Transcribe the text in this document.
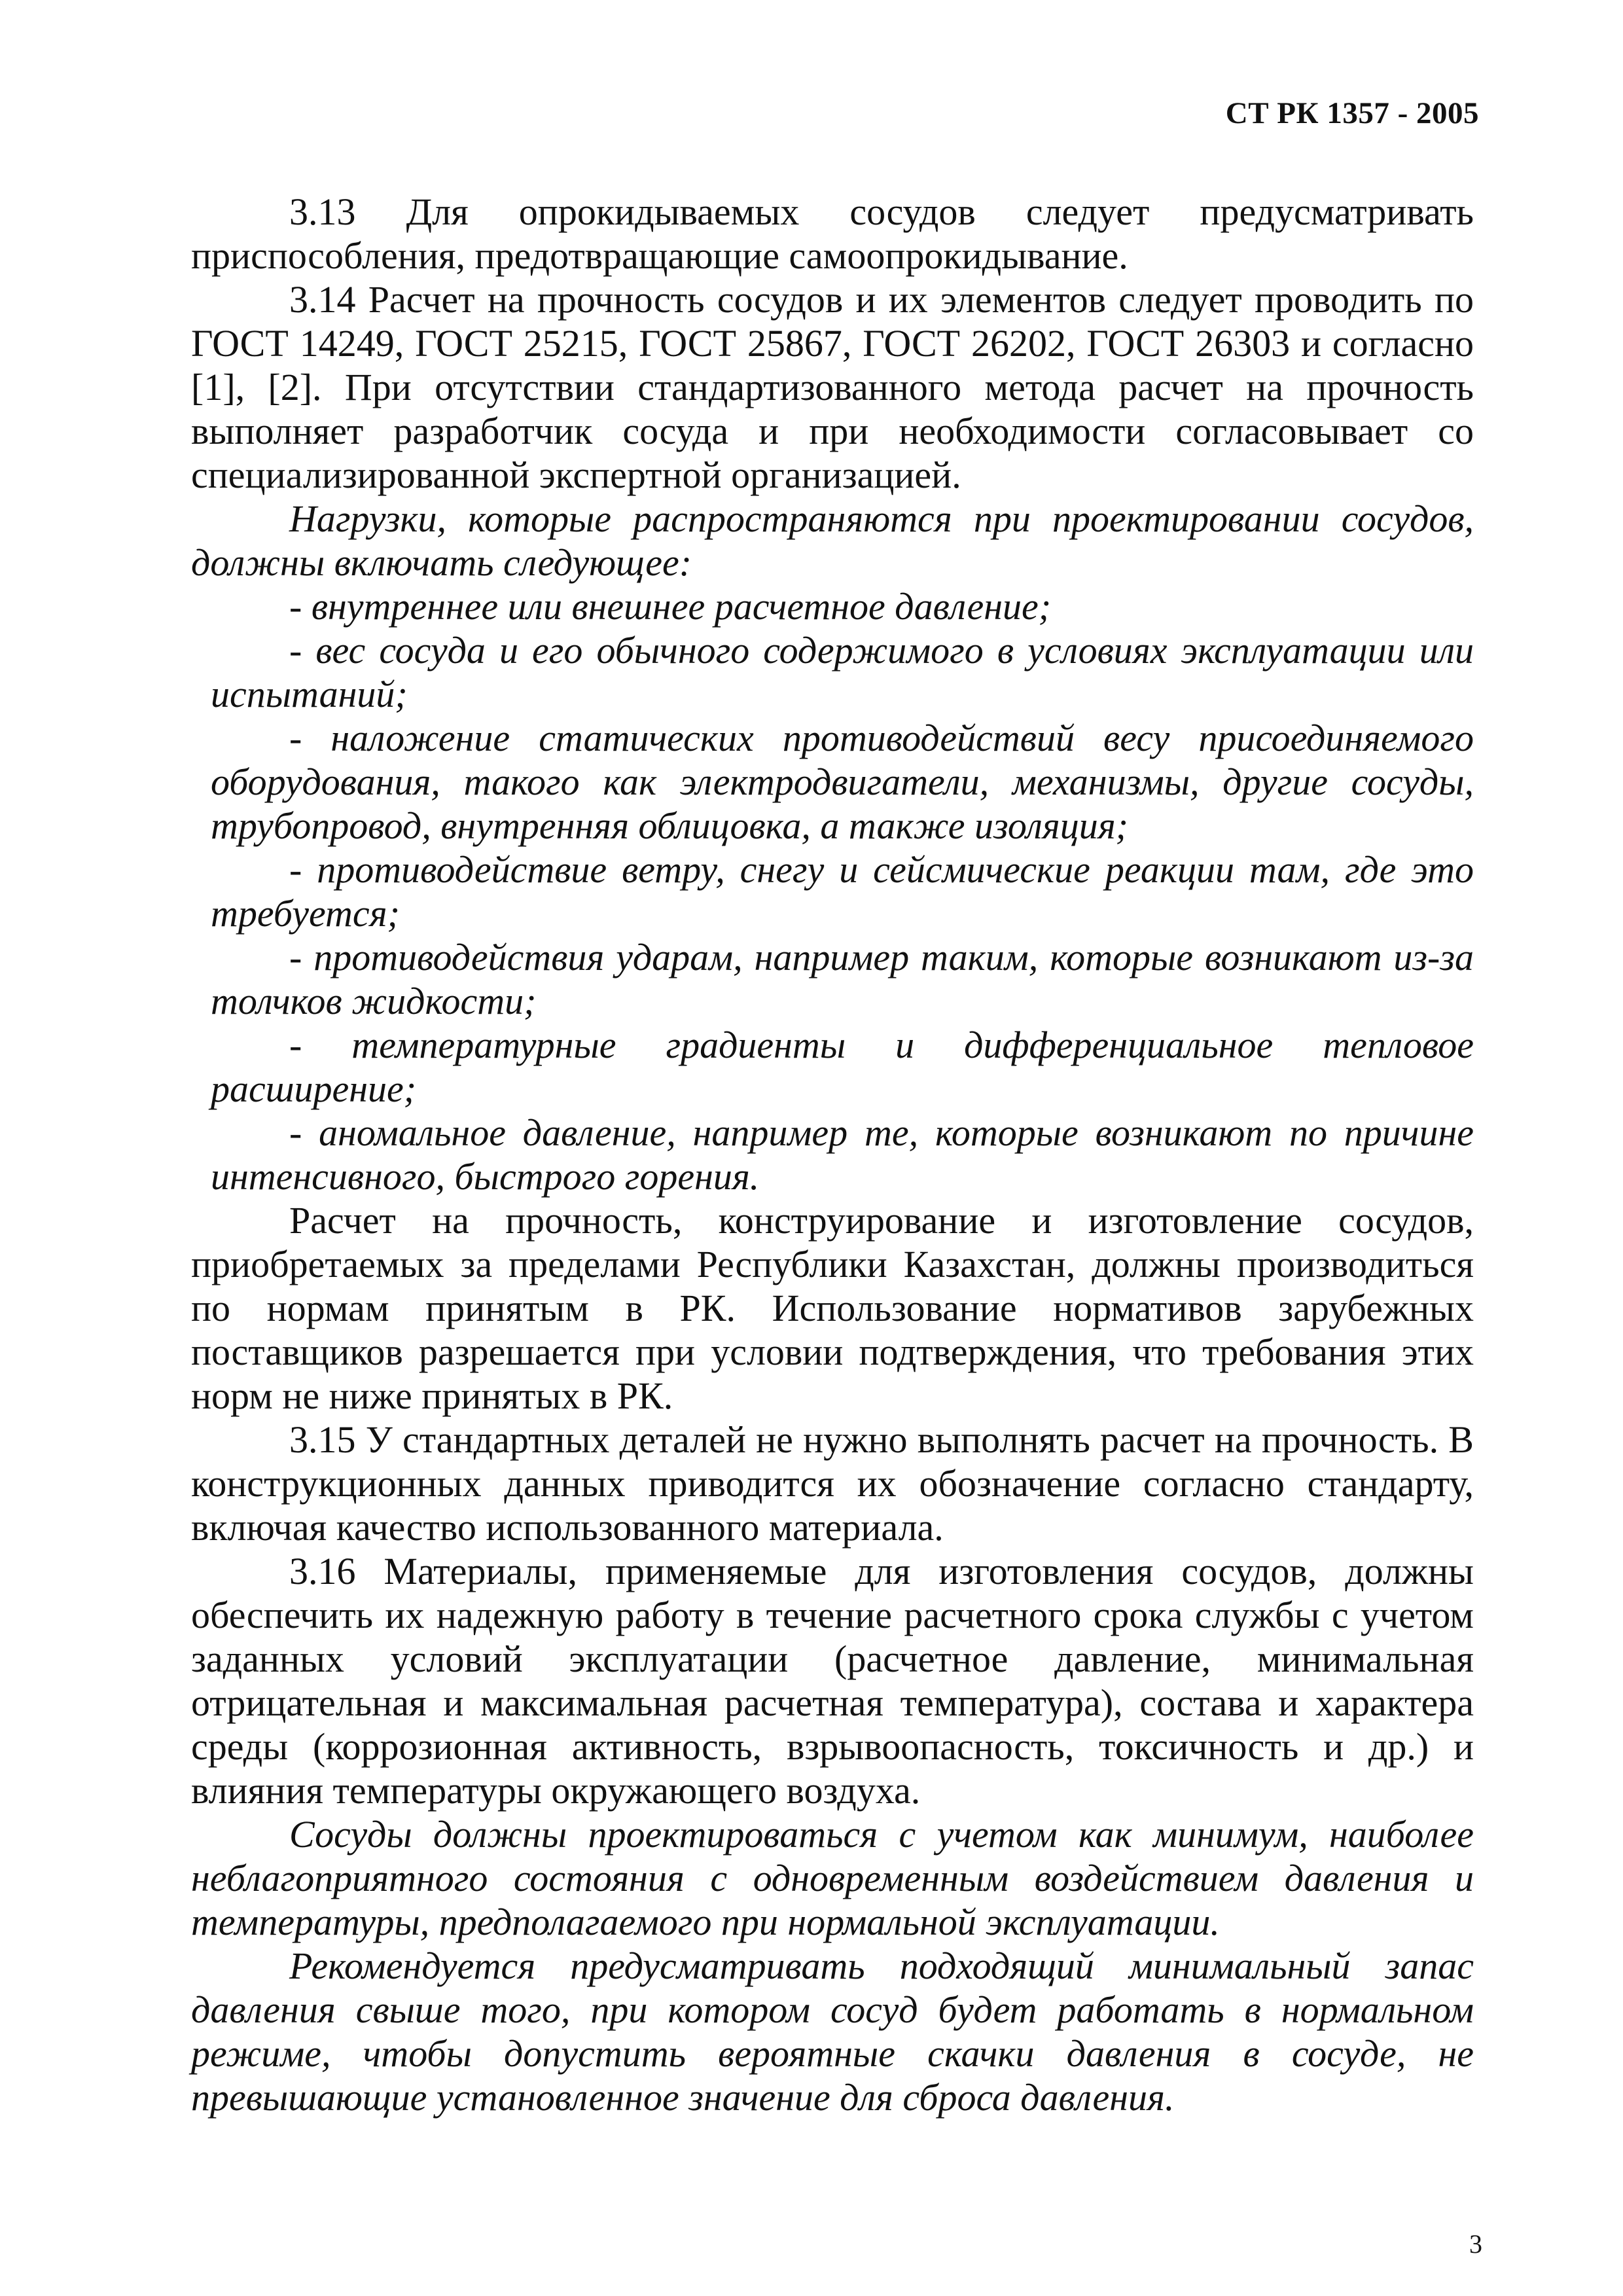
СТ РК 1357 - 2005

3.13 Для опрокидываемых сосудов следует предусматривать приспособления, предотвращающие самоопрокидывание.

3.14 Расчет на прочность сосудов и их элементов следует проводить по ГОСТ 14249, ГОСТ 25215, ГОСТ 25867, ГОСТ 26202, ГОСТ 26303 и согласно [1], [2]. При отсутствии стандартизованного метода расчет на прочность выполняет разработчик сосуда и при необходимости согласовывает со специализированной экспертной организацией.

Нагрузки, которые распространяются при проектировании сосудов, должны включать следующее:

- внутреннее или внешнее расчетное давление;

- вес сосуда и его обычного содержимого в условиях эксплуатации или испытаний;

- наложение статических противодействий весу присоединяемого оборудования, такого как электродвигатели, механизмы, другие сосуды, трубопровод, внутренняя облицовка, а также изоляция;

- противодействие ветру, снегу и сейсмические реакции там, где это требуется;

- противодействия ударам, например таким, которые возникают из-за толчков жидкости;

- температурные градиенты и дифференциальное тепловое расширение;

- аномальное давление, например те, которые возникают по причине интенсивного, быстрого горения.

Расчет на прочность, конструирование и изготовление сосудов, приобретаемых за пределами Республики Казахстан, должны производиться по нормам принятым в РК. Использование нормативов зарубежных поставщиков разрешается при условии подтверждения, что требования этих норм не ниже принятых в РК.

3.15 У стандартных деталей не нужно выполнять расчет на прочность. В конструкционных данных приводится их обозначение согласно стандарту, включая качество использованного материала.

3.16 Материалы, применяемые для изготовления сосудов, должны обеспечить их надежную работу в течение расчетного срока службы с учетом заданных условий эксплуатации (расчетное давление, минимальная отрицательная и максимальная расчетная температура), состава и характера среды (коррозионная активность, взрывоопасность, токсичность и др.) и влияния температуры окружающего воздуха.

Сосуды должны проектироваться с учетом как минимум, наиболее неблагоприятного состояния с одновременным воздействием давления и температуры, предполагаемого при нормальной эксплуатации.

Рекомендуется предусматривать подходящий минимальный запас давления свыше того, при котором сосуд будет работать в нормальном режиме, чтобы допустить вероятные скачки давления в сосуде, не превышающие установленное значение для сброса давления.

3
